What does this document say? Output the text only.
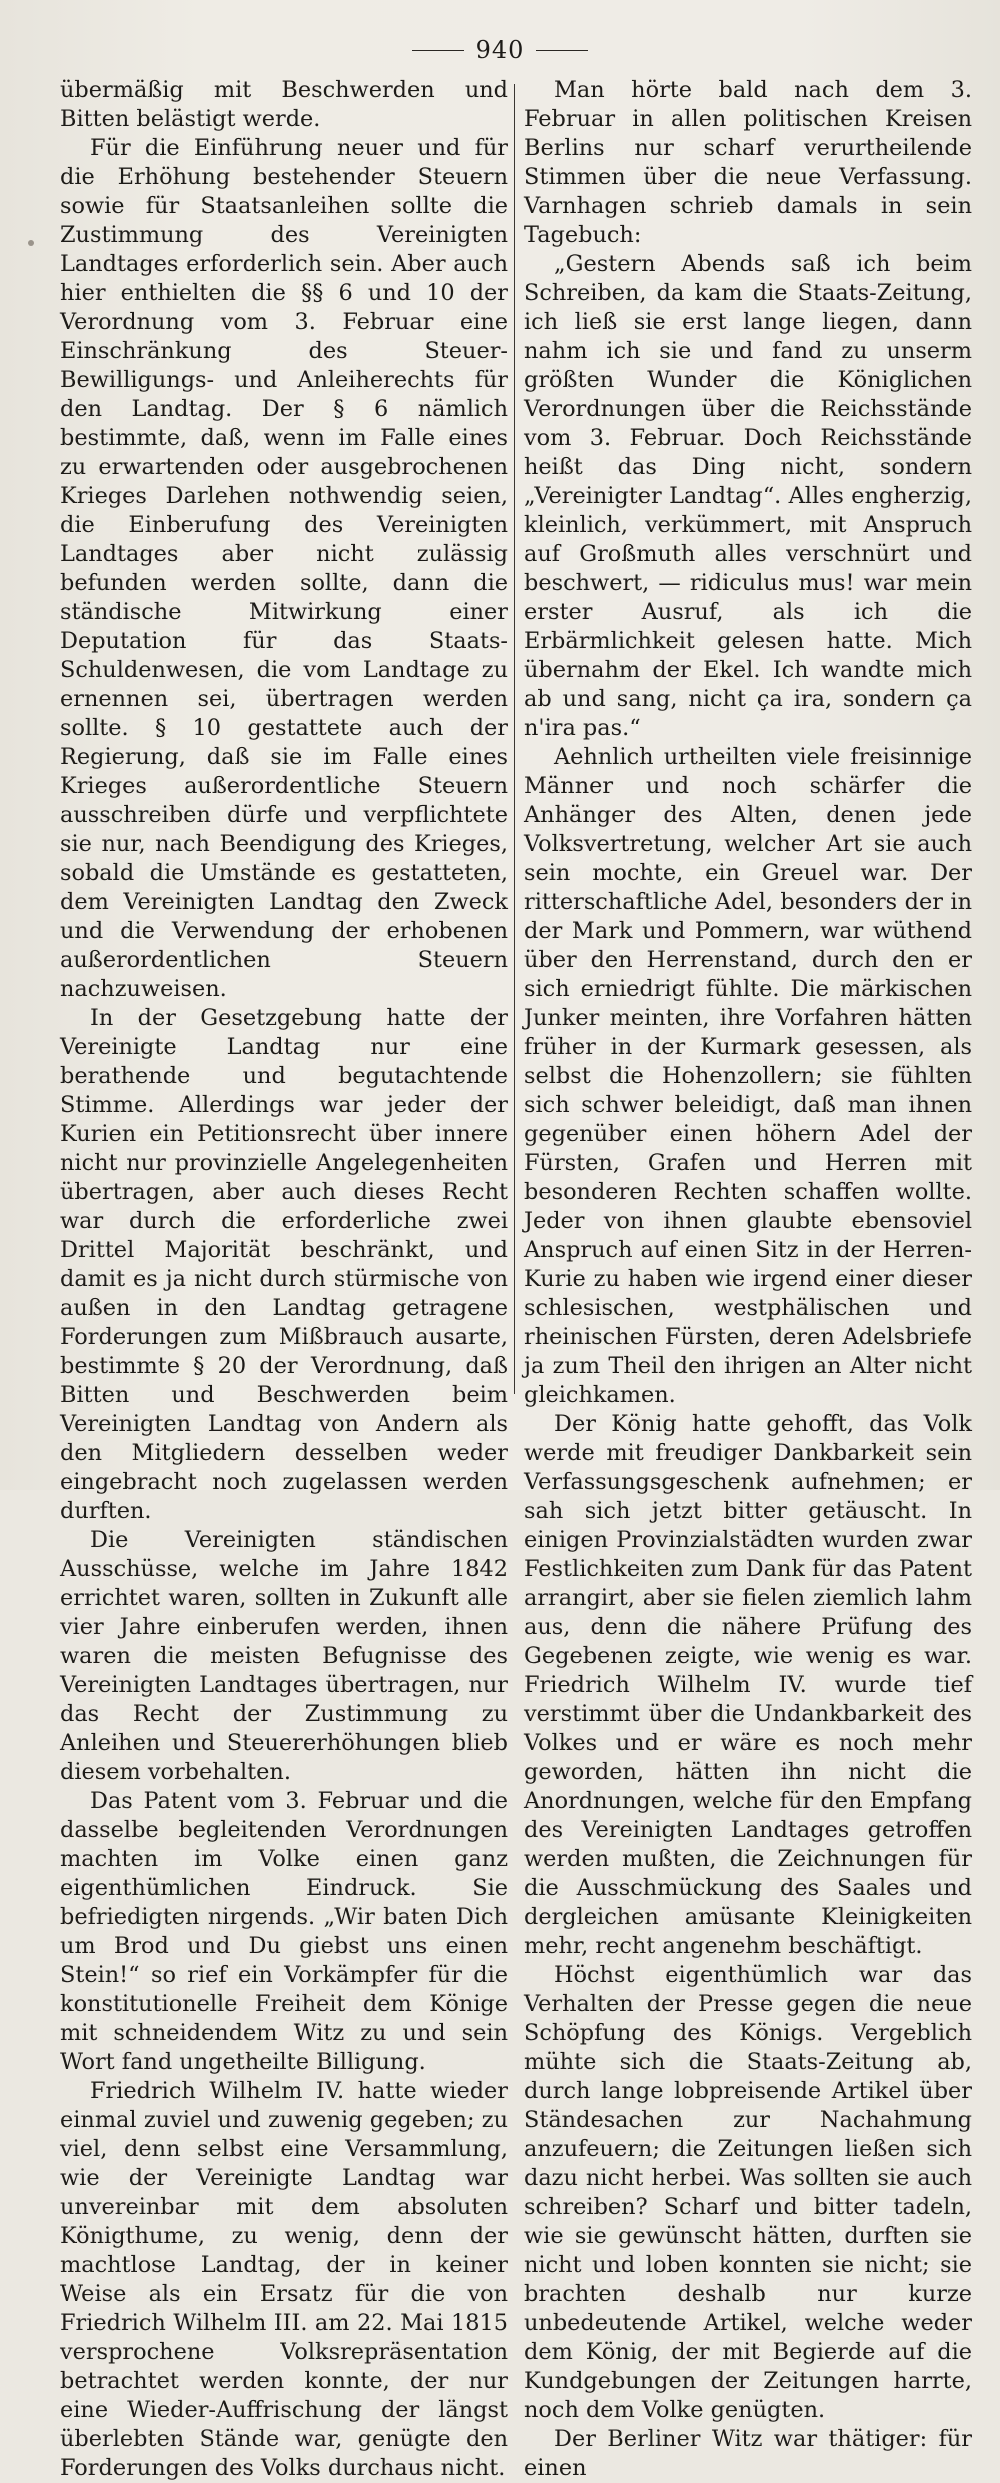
940

übermäßig mit Beschwerden und Bitten belästigt werde.

Für die Einführung neuer und für die Erhöhung bestehender Steuern sowie für Staatsanleihen sollte die Zustimmung des Vereinigten Landtages erforderlich sein. Aber auch hier enthielten die §§ 6 und 10 der Verordnung vom 3. Februar eine Einschränkung des Steuer-Bewilligungs- und Anleiherechts für den Landtag. Der § 6 nämlich bestimmte, daß, wenn im Falle eines zu erwartenden oder ausgebrochenen Krieges Darlehen nothwendig seien, die Einberufung des Vereinigten Landtages aber nicht zulässig befunden werden sollte, dann die ständische Mitwirkung einer Deputation für das Staats-Schuldenwesen, die vom Landtage zu ernennen sei, übertragen werden sollte. § 10 gestattete auch der Regierung, daß sie im Falle eines Krieges außerordentliche Steuern ausschreiben dürfe und verpflichtete sie nur, nach Beendigung des Krieges, sobald die Umstände es gestatteten, dem Vereinigten Landtag den Zweck und die Verwendung der erhobenen außerordentlichen Steuern nachzuweisen.

In der Gesetzgebung hatte der Vereinigte Landtag nur eine berathende und begutachtende Stimme. Allerdings war jeder der Kurien ein Petitionsrecht über innere nicht nur provinzielle Angelegenheiten übertragen, aber auch dieses Recht war durch die erforderliche zwei Drittel Majorität beschränkt, und damit es ja nicht durch stürmische von außen in den Landtag getragene Forderungen zum Mißbrauch ausarte, bestimmte § 20 der Verordnung, daß Bitten und Beschwerden beim Vereinigten Landtag von Andern als den Mitgliedern desselben weder eingebracht noch zugelassen werden durften.

Die Vereinigten ständischen Ausschüsse, welche im Jahre 1842 errichtet waren, sollten in Zukunft alle vier Jahre einberufen werden, ihnen waren die meisten Befugnisse des Vereinigten Landtages übertragen, nur das Recht der Zustimmung zu Anleihen und Steuererhöhungen blieb diesem vorbehalten.

Das Patent vom 3. Februar und die dasselbe begleitenden Verordnungen machten im Volke einen ganz eigenthümlichen Eindruck. Sie befriedigten nirgends. „Wir baten Dich um Brod und Du giebst uns einen Stein!“ so rief ein Vorkämpfer für die konstitutionelle Freiheit dem Könige mit schneidendem Witz zu und sein Wort fand ungetheilte Billigung.

Friedrich Wilhelm IV. hatte wieder einmal zuviel und zuwenig gegeben; zu viel, denn selbst eine Versammlung, wie der Vereinigte Landtag war unvereinbar mit dem absoluten Königthume, zu wenig, denn der machtlose Landtag, der in keiner Weise als ein Ersatz für die von Friedrich Wilhelm III. am 22. Mai 1815 versprochene Volksrepräsentation betrachtet werden konnte, der nur eine Wieder-Auffrischung der längst überlebten Stände war, genügte den Forderungen des Volks durchaus nicht.

Man hörte bald nach dem 3. Februar in allen politischen Kreisen Berlins nur scharf verurtheilende Stimmen über die neue Verfassung. Varnhagen schrieb damals in sein Tagebuch:

„Gestern Abends saß ich beim Schreiben, da kam die Staats-Zeitung, ich ließ sie erst lange liegen, dann nahm ich sie und fand zu unserm größten Wunder die Königlichen Verordnungen über die Reichsstände vom 3. Februar. Doch Reichsstände heißt das Ding nicht, sondern „Vereinigter Landtag“. Alles engherzig, kleinlich, verkümmert, mit Anspruch auf Großmuth alles verschnürt und beschwert, — ridiculus mus! war mein erster Ausruf, als ich die Erbärmlichkeit gelesen hatte. Mich übernahm der Ekel. Ich wandte mich ab und sang, nicht ça ira, sondern ça n'ira pas.“

Aehnlich urtheilten viele freisinnige Männer und noch schärfer die Anhänger des Alten, denen jede Volksvertretung, welcher Art sie auch sein mochte, ein Greuel war. Der ritterschaftliche Adel, besonders der in der Mark und Pommern, war wüthend über den Herrenstand, durch den er sich erniedrigt fühlte. Die märkischen Junker meinten, ihre Vorfahren hätten früher in der Kurmark gesessen, als selbst die Hohenzollern; sie fühlten sich schwer beleidigt, daß man ihnen gegenüber einen höhern Adel der Fürsten, Grafen und Herren mit besonderen Rechten schaffen wollte. Jeder von ihnen glaubte ebensoviel Anspruch auf einen Sitz in der Herren-Kurie zu haben wie irgend einer dieser schlesischen, westphälischen und rheinischen Fürsten, deren Adelsbriefe ja zum Theil den ihrigen an Alter nicht gleichkamen.

Der König hatte gehofft, das Volk werde mit freudiger Dankbarkeit sein Verfassungsgeschenk aufnehmen; er sah sich jetzt bitter getäuscht. In einigen Provinzialstädten wurden zwar Festlichkeiten zum Dank für das Patent arrangirt, aber sie fielen ziemlich lahm aus, denn die nähere Prüfung des Gegebenen zeigte, wie wenig es war. Friedrich Wilhelm IV. wurde tief verstimmt über die Undankbarkeit des Volkes und er wäre es noch mehr geworden, hätten ihn nicht die Anordnungen, welche für den Empfang des Vereinigten Landtages getroffen werden mußten, die Zeichnungen für die Ausschmückung des Saales und dergleichen amüsante Kleinigkeiten mehr, recht angenehm beschäftigt.

Höchst eigenthümlich war das Verhalten der Presse gegen die neue Schöpfung des Königs. Vergeblich mühte sich die Staats-Zeitung ab, durch lange lobpreisende Artikel über Ständesachen zur Nachahmung anzufeuern; die Zeitungen ließen sich dazu nicht herbei. Was sollten sie auch schreiben? Scharf und bitter tadeln, wie sie gewünscht hätten, durften sie nicht und loben konnten sie nicht; sie brachten deshalb nur kurze unbedeutende Artikel, welche weder dem König, der mit Begierde auf die Kundgebungen der Zeitungen harrte, noch dem Volke genügten.

Der Berliner Witz war thätiger: für einen
